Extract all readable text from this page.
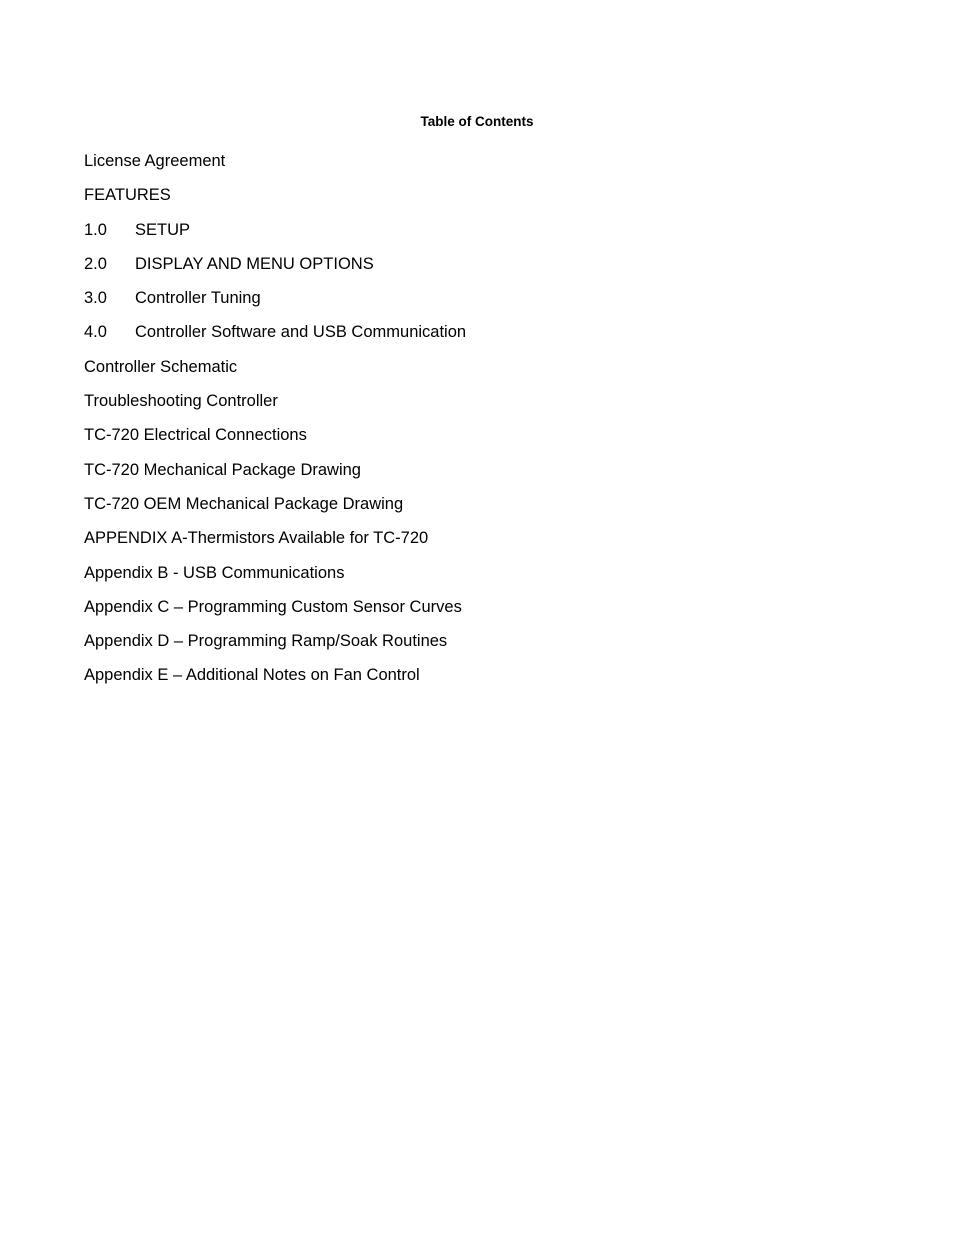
Table of Contents
License Agreement
FEATURES
1.0 SETUP
2.0 DISPLAY AND MENU OPTIONS
3.0 Controller Tuning
4.0 Controller Software and USB Communication
Controller Schematic
Troubleshooting Controller
TC-720 Electrical Connections
TC-720 Mechanical Package Drawing
TC-720 OEM Mechanical Package Drawing
APPENDIX A-Thermistors Available for TC-720
Appendix B - USB Communications
Appendix C – Programming Custom Sensor Curves
Appendix D – Programming Ramp/Soak Routines
Appendix E – Additional Notes on Fan Control
